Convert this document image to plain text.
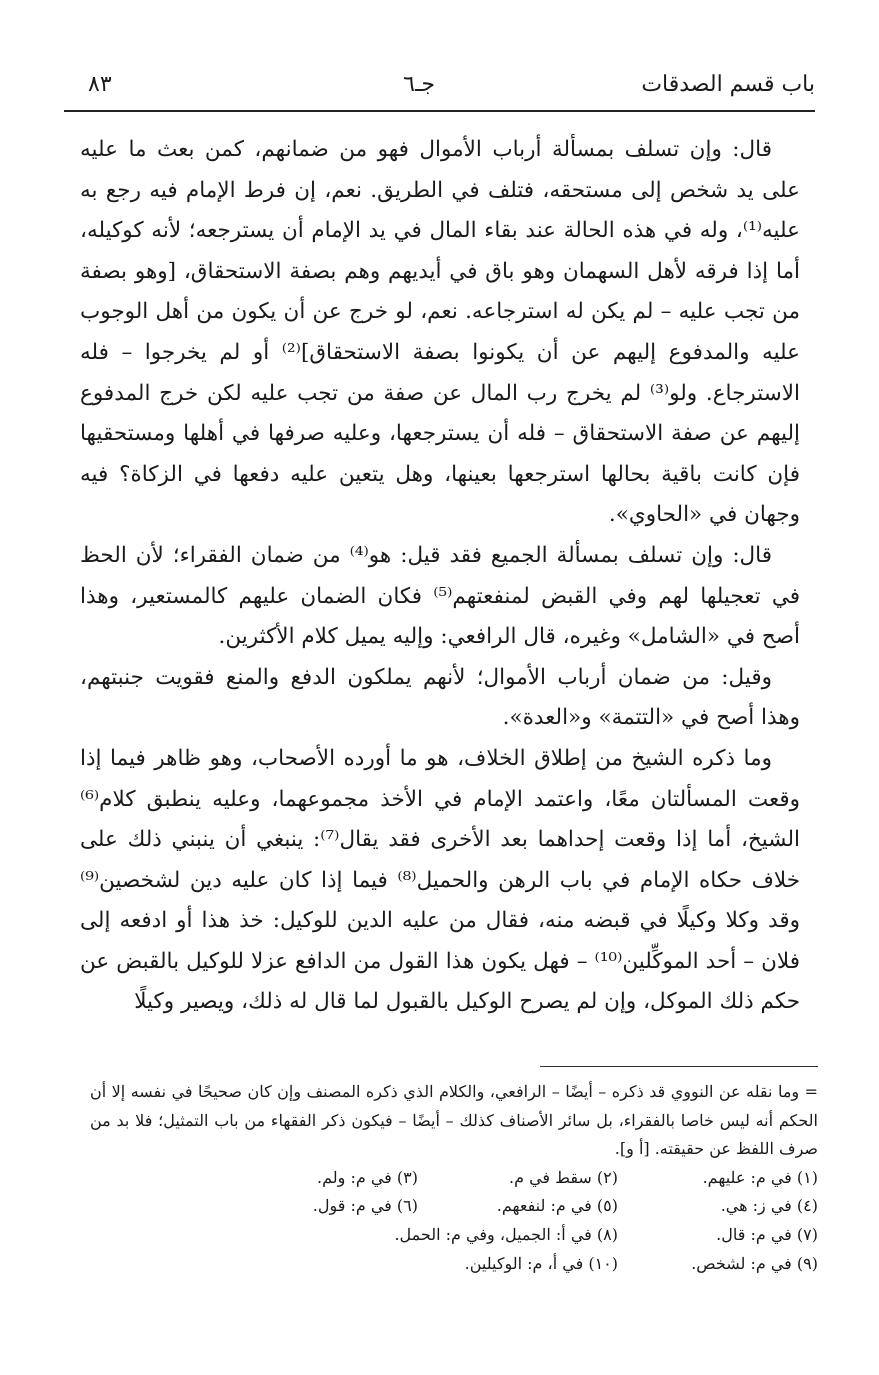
باب قسم الصدقات
جـ٦
٨٣

قال: وإن تسلف بمسألة أرباب الأموال فهو من ضمانهم، كمن بعث ما عليه على يد شخص إلى مستحقه، فتلف في الطريق. نعم، إن فرط الإمام فيه رجع به عليه⁽¹⁾، وله في هذه الحالة عند بقاء المال في يد الإمام أن يسترجعه؛ لأنه كوكيله، أما إذا فرقه لأهل السهمان وهو باق في أيديهم وهم بصفة الاستحقاق، [وهو بصفة من تجب عليه – لم يكن له استرجاعه. نعم، لو خرج عن أن يكون من أهل الوجوب عليه والمدفوع إليهم عن أن يكونوا بصفة الاستحقاق]⁽²⁾ أو لم يخرجوا – فله الاسترجاع. ولو⁽³⁾ لم يخرج رب المال عن صفة من تجب عليه لكن خرج المدفوع إليهم عن صفة الاستحقاق – فله أن يسترجعها، وعليه صرفها في أهلها ومستحقيها فإن كانت باقية بحالها استرجعها بعينها، وهل يتعين عليه دفعها في الزكاة؟ فيه وجهان في «الحاوي».

قال: وإن تسلف بمسألة الجميع فقد قيل: هو⁽⁴⁾ من ضمان الفقراء؛ لأن الحظ في تعجيلها لهم وفي القبض لمنفعتهم⁽⁵⁾ فكان الضمان عليهم كالمستعير، وهذا أصح في «الشامل» وغيره، قال الرافعي: وإليه يميل كلام الأكثرين.

وقيل: من ضمان أرباب الأموال؛ لأنهم يملكون الدفع والمنع فقويت جنبتهم، وهذا أصح في «التتمة» و«العدة».

وما ذكره الشيخ من إطلاق الخلاف، هو ما أورده الأصحاب، وهو ظاهر فيما إذا وقعت المسألتان معًا، واعتمد الإمام في الأخذ مجموعهما، وعليه ينطبق كلام⁽⁶⁾ الشيخ، أما إذا وقعت إحداهما بعد الأخرى فقد يقال⁽⁷⁾: ينبغي أن ينبني ذلك على خلاف حكاه الإمام في باب الرهن والحميل⁽⁸⁾ فيما إذا كان عليه دين لشخصين⁽⁹⁾ وقد وكلا وكيلًا في قبضه منه، فقال من عليه الدين للوكيل: خذ هذا أو ادفعه إلى فلان – أحد الموكِّلين⁽¹⁰⁾ – فهل يكون هذا القول من الدافع عزلا للوكيل بالقبض عن حكم ذلك الموكل، وإن لم يصرح الوكيل بالقبول لما قال له ذلك، ويصير وكيلًا

= وما نقله عن النووي قد ذكره – أيضًا – الرافعي، والكلام الذي ذكره المصنف وإن كان صحيحًا في نفسه إلا أن الحكم أنه ليس خاصا بالفقراء، بل سائر الأصناف كذلك – أيضًا – فيكون ذكر الفقهاء من باب التمثيل؛ فلا بد من صرف اللفظ عن حقيقته. [أ و].
(١) في م: عليهم.
(٢) سقط في م.
(٣) في م: ولم.
(٤) في ز: هي.
(٥) في م: لنفعهم.
(٦) في م: قول.
(٧) في م: قال.
(٨) في أ: الجميل، وفي م: الحمل.
(٩) في م: لشخص.
(١٠) في أ، م: الوكيلين.
